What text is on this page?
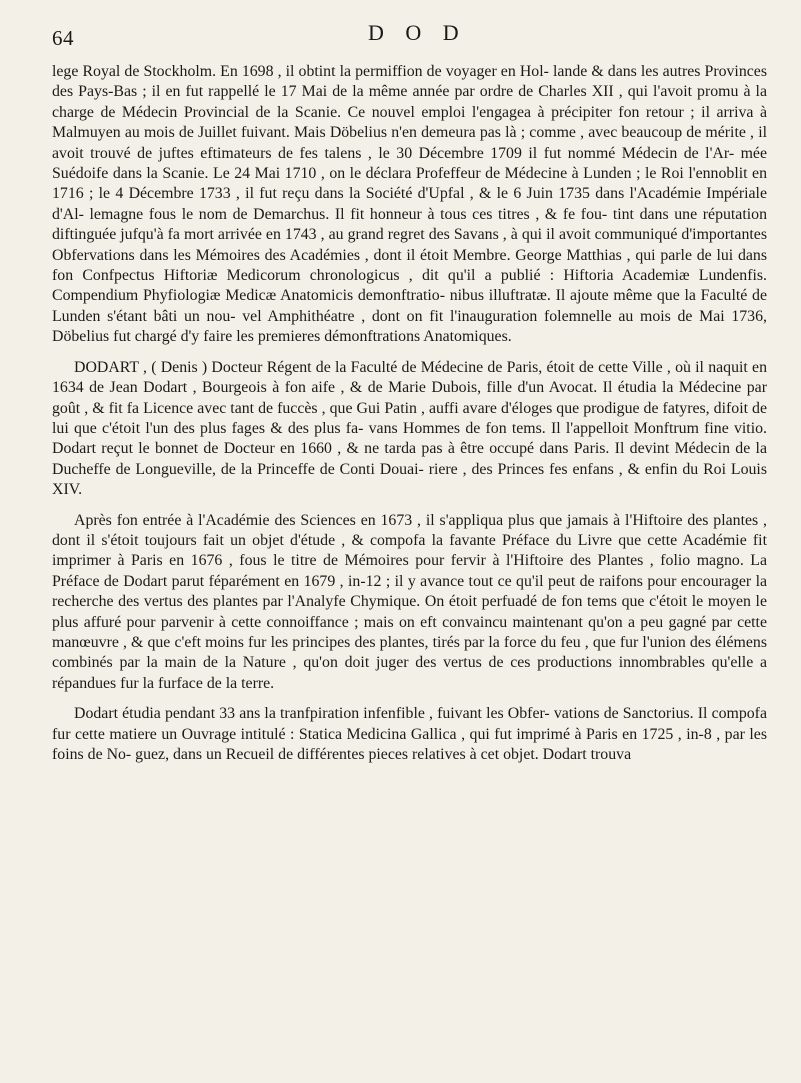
64	D O D

lege Royal de Stockholm. En 1698 , il obtint la permiffion de voyager en Hol- lande & dans les autres Provinces des Pays-Bas ; il en fut rappellé le 17 Mai de la même année par ordre de Charles XII , qui l'avoit promu à la charge de Médecin Provincial de la Scanie. Ce nouvel emploi l'engagea à précipiter fon retour ; il arriva à Malmuyen au mois de Juillet fuivant. Mais Döbelius n'en demeura pas là ; comme , avec beaucoup de mérite , il avoit trouvé de juftes eftimateurs de fes talens , le 30 Décembre 1709 il fut nommé Médecin de l'Ar- mée Suédoife dans la Scanie. Le 24 Mai 1710 , on le déclara Profeffeur de Médecine à Lunden ; le Roi l'ennoblit en 1716 ; le 4 Décembre 1733 , il fut reçu dans la Société d'Upfal , & le 6 Juin 1735 dans l'Académie Impériale d'Al- lemagne fous le nom de Demarchus. Il fit honneur à tous ces titres , & fe fou- tint dans une réputation diftinguée jufqu'à fa mort arrivée en 1743 , au grand regret des Savans , à qui il avoit communiqué d'importantes Obfervations dans les Mémoires des Académies , dont il étoit Membre. George Matthias , qui parle de lui dans fon Confpectus Hiftoriæ Medicorum chronologicus , dit qu'il a publié : Hiftoria Academiæ Lundenfis. Compendium Phyfiologiæ Medicæ Anatomicis demonftratio- nibus illuftratæ. Il ajoute même que la Faculté de Lunden s'étant bâti un nou- vel Amphithéatre , dont on fit l'inauguration folemnelle au mois de Mai 1736, Döbelius fut chargé d'y faire les premieres démonftrations Anatomiques.

DODART , ( Denis ) Docteur Régent de la Faculté de Médecine de Paris, étoit de cette Ville , où il naquit en 1634 de Jean Dodart , Bourgeois à fon aife , & de Marie Dubois, fille d'un Avocat. Il étudia la Médecine par goût , & fit fa Licence avec tant de fuccès , que Gui Patin , auffi avare d'éloges que prodigue de fatyres, difoit de lui que c'étoit l'un des plus fages & des plus fa- vans Hommes de fon tems. Il l'appelloit Monftrum fine vitio. Dodart reçut le bonnet de Docteur en 1660 , & ne tarda pas à être occupé dans Paris. Il devint Médecin de la Ducheffe de Longueville, de la Princeffe de Conti Douai- riere , des Princes fes enfans , & enfin du Roi Louis XIV.

Après fon entrée à l'Académie des Sciences en 1673 , il s'appliqua plus que jamais à l'Hiftoire des plantes , dont il s'étoit toujours fait un objet d'étude , & compofa la favante Préface du Livre que cette Académie fit imprimer à Paris en 1676 , fous le titre de Mémoires pour fervir à l'Hiftoire des Plantes , folio magno. La Préface de Dodart parut féparément en 1679 , in-12 ; il y avance tout ce qu'il peut de raifons pour encourager la recherche des vertus des plantes par l'Analyfe Chymique. On étoit perfuadé de fon tems que c'étoit le moyen le plus affuré pour parvenir à cette connoiffance ; mais on eft convaincu maintenant qu'on a peu gagné par cette manœuvre , & que c'eft moins fur les principes des plantes, tirés par la force du feu , que fur l'union des élémens combinés par la main de la Nature , qu'on doit juger des vertus de ces productions innombrables qu'elle a répandues fur la furface de la terre.

Dodart étudia pendant 33 ans la tranfpiration infenfible , fuivant les Obfer- vations de Sanctorius. Il compofa fur cette matiere un Ouvrage intitulé : Statica Medicina Gallica , qui fut imprimé à Paris en 1725 , in-8 , par les foins de No- guez, dans un Recueil de différentes pieces relatives à cet objet. Dodart trouva
